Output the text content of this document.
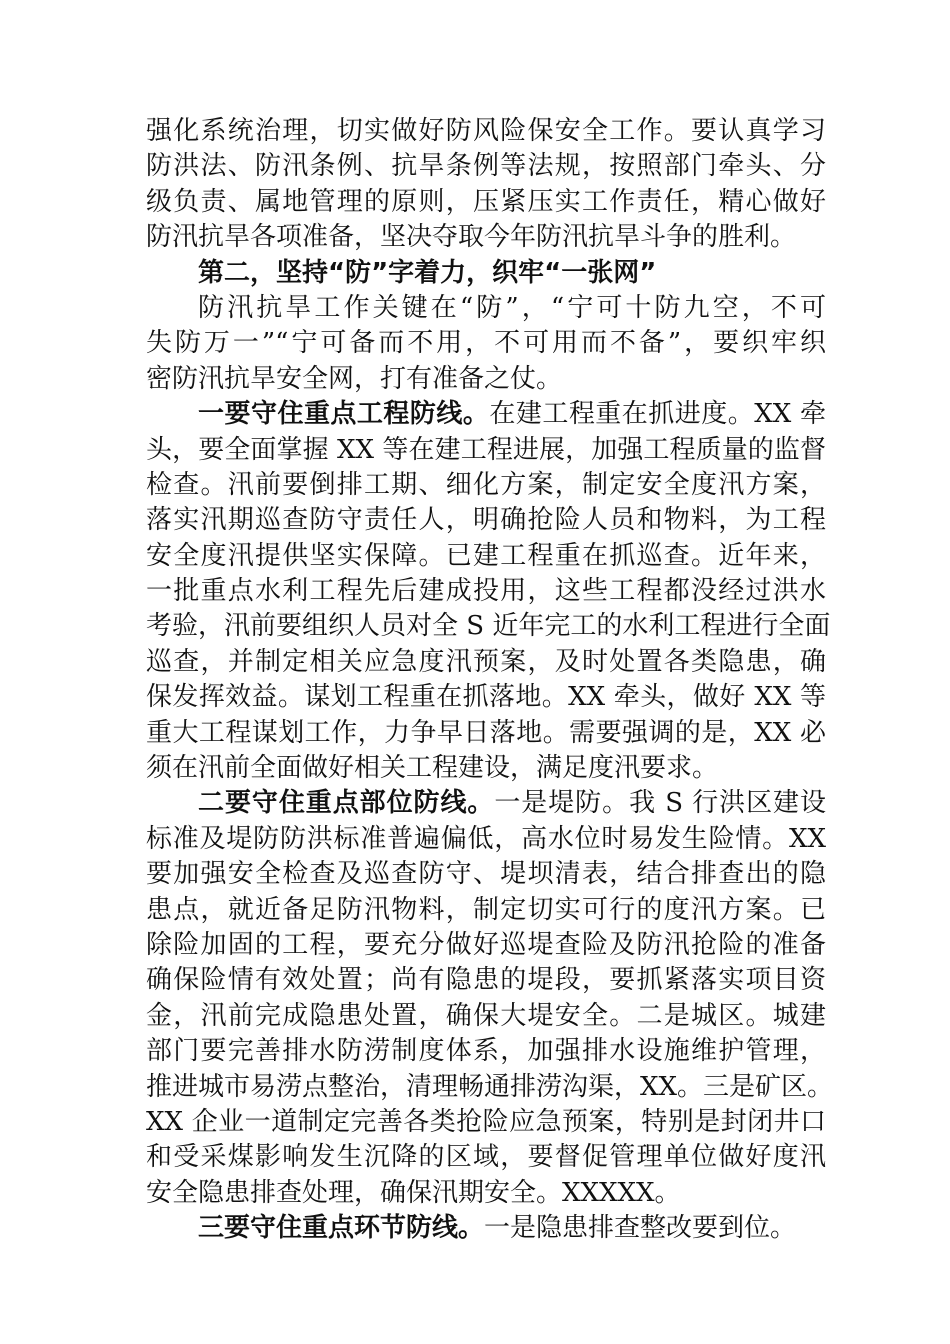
强化系统治理，切实做好防风险保安全工作。要认真学习
防洪法、防汛条例、抗旱条例等法规，按照部门牵头、分
级负责、属地管理的原则，压紧压实工作责任，精心做好
防汛抗旱各项准备，坚决夺取今年防汛抗旱斗争的胜利。
第二，坚持“防”字着力，织牢“一张网”
防汛抗旱工作关键在“防”，“宁可十防九空，不可
失防万一”“宁可备而不用，不可用而不备”，要织牢织
密防汛抗旱安全网，打有准备之仗。
一要守住重点工程防线。在建工程重在抓进度。XX 牵
头，要全面掌握 XX 等在建工程进展，加强工程质量的监督
检查。汛前要倒排工期、细化方案，制定安全度汛方案，
落实汛期巡查防守责任人，明确抢险人员和物料，为工程
安全度汛提供坚实保障。已建工程重在抓巡查。近年来，
一批重点水利工程先后建成投用，这些工程都没经过洪水
考验，汛前要组织人员对全 S 近年完工的水利工程进行全面
巡查，并制定相关应急度汛预案，及时处置各类隐患，确
保发挥效益。谋划工程重在抓落地。XX 牵头，做好 XX 等
重大工程谋划工作，力争早日落地。需要强调的是，XX 必
须在汛前全面做好相关工程建设，满足度汛要求。
二要守住重点部位防线。一是堤防。我 S 行洪区建设
标准及堤防防洪标准普遍偏低，高水位时易发生险情。XX
要加强安全检查及巡查防守、堤坝清表，结合排查出的隐
患点，就近备足防汛物料，制定切实可行的度汛方案。已
除险加固的工程，要充分做好巡堤查险及防汛抢险的准备
确保险情有效处置；尚有隐患的堤段，要抓紧落实项目资
金，汛前完成隐患处置，确保大堤安全。二是城区。城建
部门要完善排水防涝制度体系，加强排水设施维护管理，
推进城市易涝点整治，清理畅通排涝沟渠，XX。三是矿区。
XX 企业一道制定完善各类抢险应急预案，特别是封闭井口
和受采煤影响发生沉降的区域，要督促管理单位做好度汛
安全隐患排查处理，确保汛期安全。XXXXX。
三要守住重点环节防线。一是隐患排查整改要到位。
